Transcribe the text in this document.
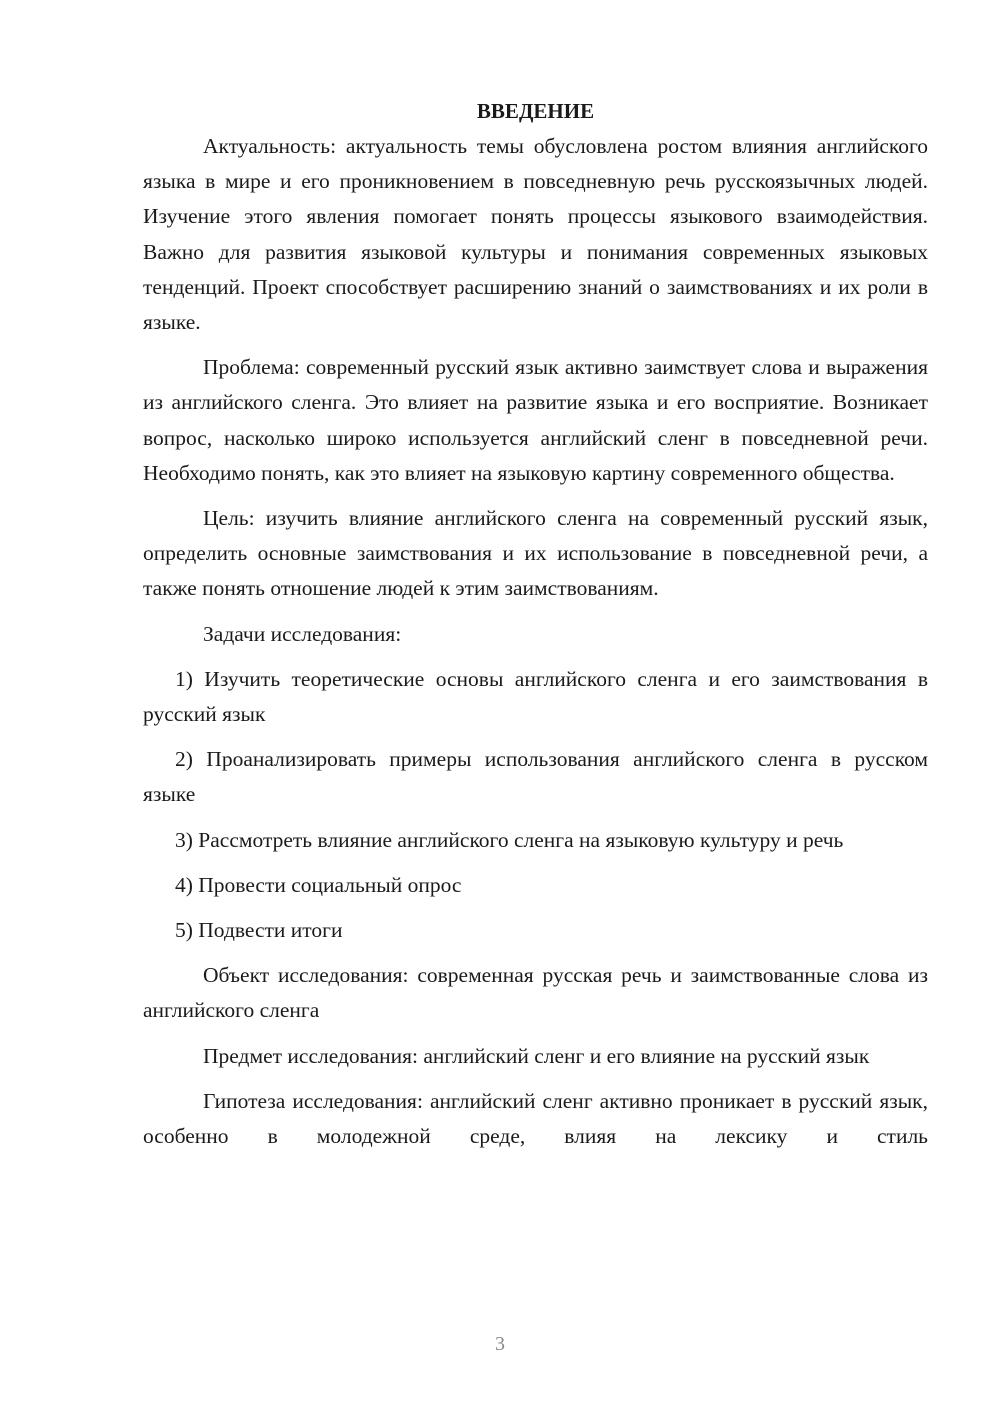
ВВЕДЕНИЕ

Актуальность: актуальность темы обусловлена ростом влияния английского языка в мире и его проникновением в повседневную речь русскоязычных людей. Изучение этого явления помогает понять процессы языкового взаимодействия. Важно для развития языковой культуры и понимания современных языковых тенденций. Проект способствует расширению знаний о заимствованиях и их роли в языке.

Проблема: современный русский язык активно заимствует слова и выражения из английского сленга. Это влияет на развитие языка и его восприятие. Возникает вопрос, насколько широко используется английский сленг в повседневной речи. Необходимо понять, как это влияет на языковую картину современного общества.

Цель: изучить влияние английского сленга на современный русский язык, определить основные заимствования и их использование в повседневной речи, а также понять отношение людей к этим заимствованиям.

Задачи исследования:

1) Изучить теоретические основы английского сленга и его заимствования в русский язык

2) Проанализировать примеры использования английского сленга в русском языке

3) Рассмотреть влияние английского сленга на языковую культуру и речь

4) Провести социальный опрос

5) Подвести итоги

Объект исследования: современная русская речь и заимствованные слова из английского сленга

Предмет исследования: английский сленг и его влияние на русский язык

Гипотеза исследования: английский сленг активно проникает в русский язык, особенно в молодежной среде, влияя на лексику и стиль

3
